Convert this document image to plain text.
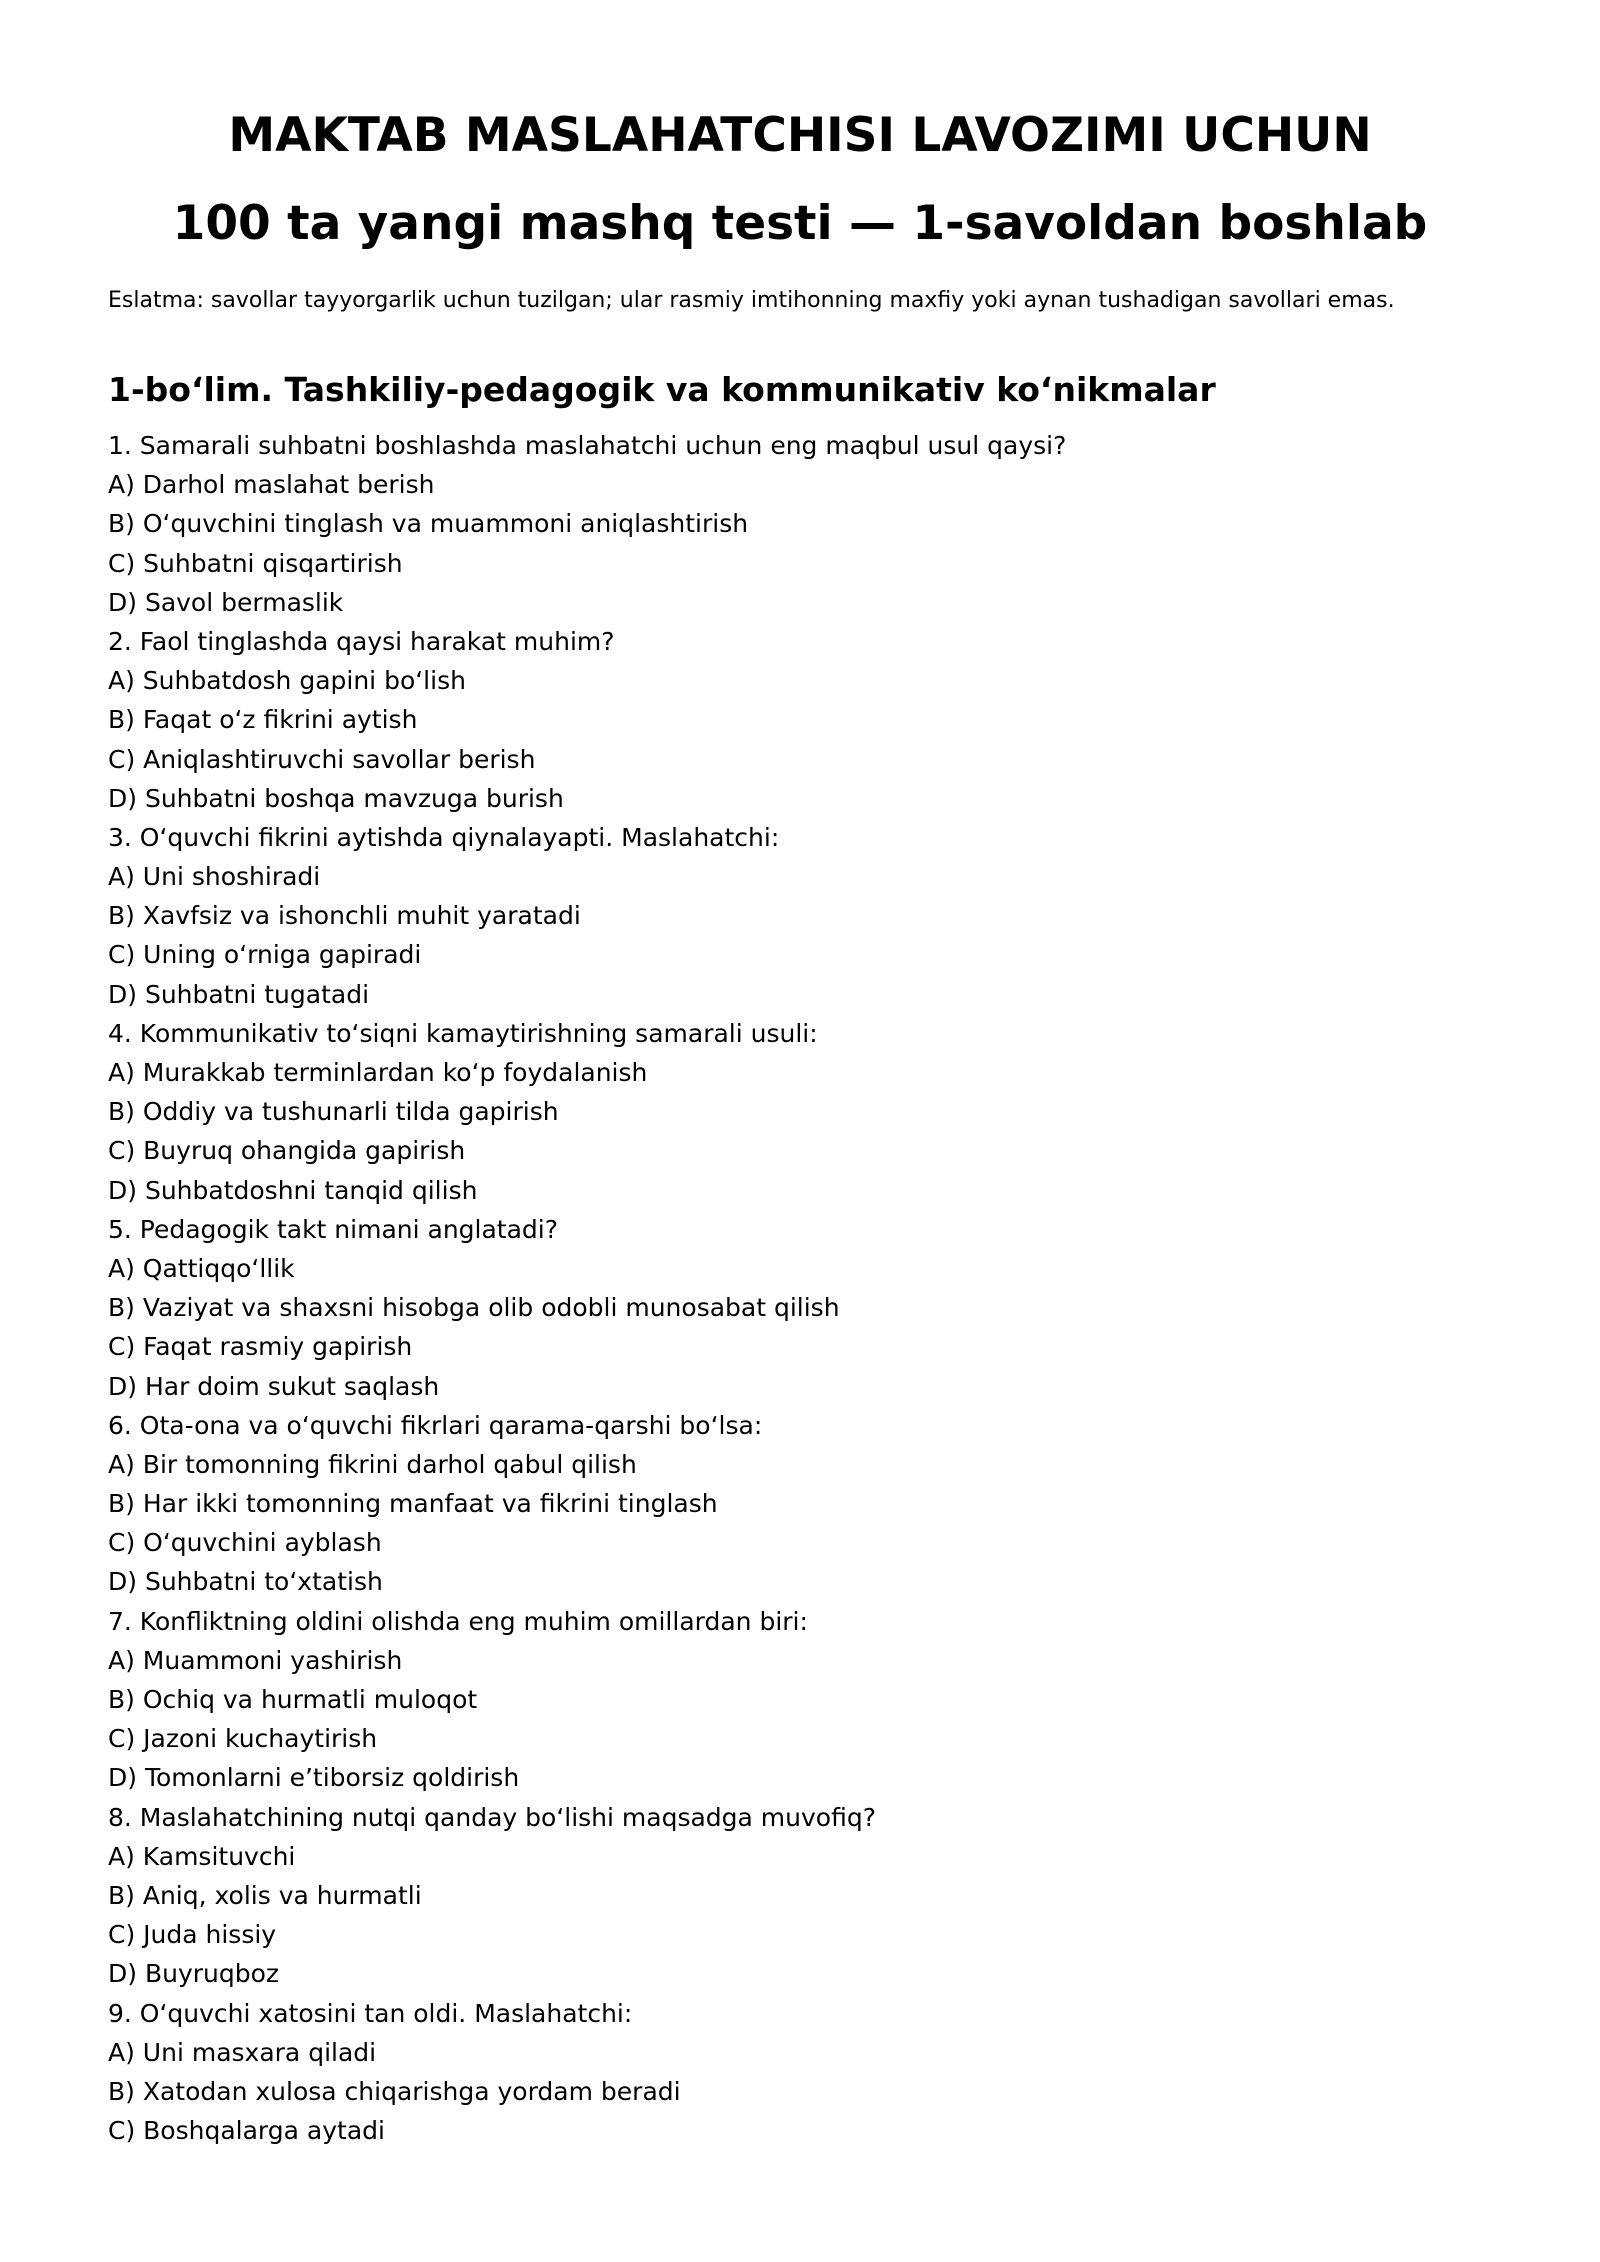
MAKTAB MASLAHATCHISI LAVOZIMI UCHUN
100 ta yangi mashq testi — 1-savoldan boshlab

Eslatma: savollar tayyorgarlik uchun tuzilgan; ular rasmiy imtihonning maxfiy yoki aynan tushadigan savollari emas.

1-bo‘lim. Tashkiliy-pedagogik va kommunikativ ko‘nikmalar
1. Samarali suhbatni boshlashda maslahatchi uchun eng maqbul usul qaysi?
A) Darhol maslahat berish
B) O‘quvchini tinglash va muammoni aniqlashtirish
C) Suhbatni qisqartirish
D) Savol bermaslik
2. Faol tinglashda qaysi harakat muhim?
A) Suhbatdosh gapini bo‘lish
B) Faqat o‘z fikrini aytish
C) Aniqlashtiruvchi savollar berish
D) Suhbatni boshqa mavzuga burish
3. O‘quvchi fikrini aytishda qiynalayapti. Maslahatchi:
A) Uni shoshiradi
B) Xavfsiz va ishonchli muhit yaratadi
C) Uning o‘rniga gapiradi
D) Suhbatni tugatadi
4. Kommunikativ to‘siqni kamaytirishning samarali usuli:
A) Murakkab terminlardan ko‘p foydalanish
B) Oddiy va tushunarli tilda gapirish
C) Buyruq ohangida gapirish
D) Suhbatdoshni tanqid qilish
5. Pedagogik takt nimani anglatadi?
A) Qattiqqo‘llik
B) Vaziyat va shaxsni hisobga olib odobli munosabat qilish
C) Faqat rasmiy gapirish
D) Har doim sukut saqlash
6. Ota-ona va o‘quvchi fikrlari qarama-qarshi bo‘lsa:
A) Bir tomonning fikrini darhol qabul qilish
B) Har ikki tomonning manfaat va fikrini tinglash
C) O‘quvchini ayblash
D) Suhbatni to‘xtatish
7. Konfliktning oldini olishda eng muhim omillardan biri:
A) Muammoni yashirish
B) Ochiq va hurmatli muloqot
C) Jazoni kuchaytirish
D) Tomonlarni e’tiborsiz qoldirish
8. Maslahatchining nutqi qanday bo‘lishi maqsadga muvofiq?
A) Kamsituvchi
B) Aniq, xolis va hurmatli
C) Juda hissiy
D) Buyruqboz
9. O‘quvchi xatosini tan oldi. Maslahatchi:
A) Uni masxara qiladi
B) Xatodan xulosa chiqarishga yordam beradi
C) Boshqalarga aytadi
